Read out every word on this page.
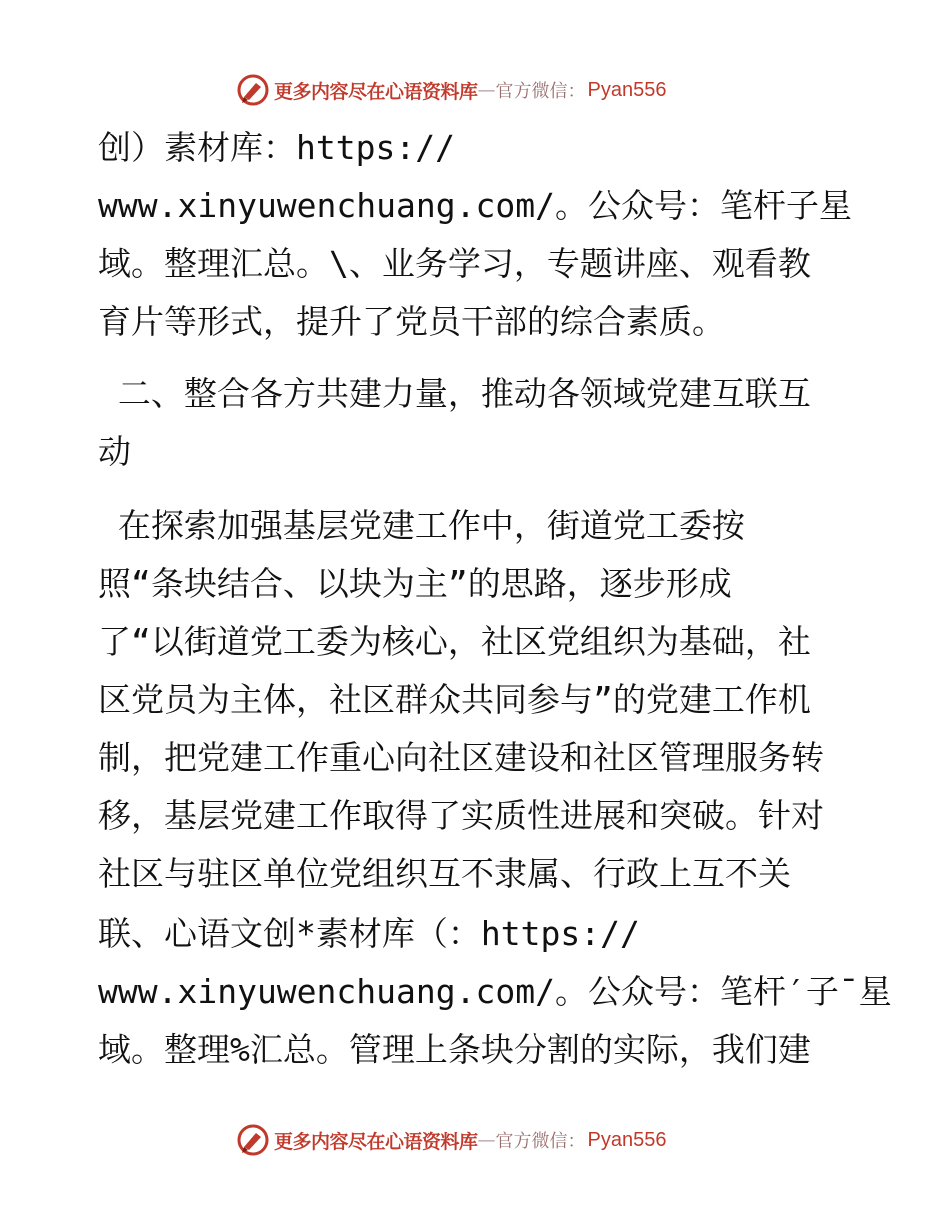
更多内容尽在心语资料库 — 官方微信： Pyan556

创）素材库：https://

www.xinyuwenchuang.com/。公众号：笔杆子星

域。整理汇总。\、业务学习，专题讲座、观看教

育片等形式，提升了党员干部的综合素质。

二、整合各方共建力量，推动各领域党建互联互

动

在探索加强基层党建工作中，街道党工委按

照“条块结合、以块为主”的思路，逐步形成

了“以街道党工委为核心，社区党组织为基础，社

区党员为主体，社区群众共同参与”的党建工作机

制，把党建工作重心向社区建设和社区管理服务转

移，基层党建工作取得了实质性进展和突破。针对

社区与驻区单位党组织互不隶属、行政上互不关

联、心语文创*素材库（：https://

www.xinyuwenchuang.com/。公众号：笔杆′子¯星

域。整理%汇总。管理上条块分割的实际，我们建

更多内容尽在心语资料库 — 官方微信： Pyan556
